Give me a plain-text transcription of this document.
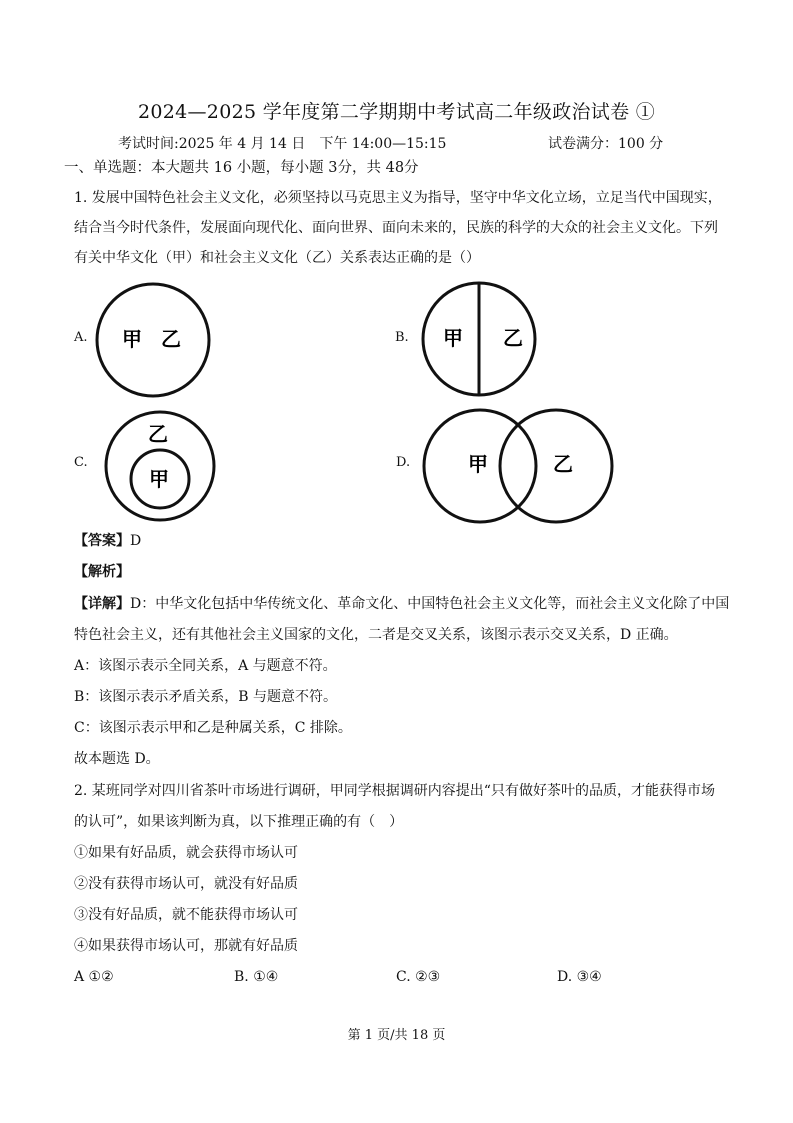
2024—2025 学年度第二学期期中考试高二年级政治试卷 ①
考试时间:2025 年 4 月 14 日　下午 14:00—15:15	试卷满分：100 分
一、单选题：本大题共 16 小题，每小题 3分，共 48分
1. 发展中国特色社会主义文化，必须坚持以马克思主义为指导，坚守中华文化立场，立足当代中国现实，
结合当今时代条件，发展面向现代化、面向世界、面向未来的，民族的科学的大众的社会主义文化。下列
有关中华文化（甲）和社会主义文化（乙）关系表达正确的是（）
A. 甲 乙	B. 甲 乙
C.
乙
甲
D.	甲	乙
【答案】D
【解析】
【详解】D：中华文化包括中华传统文化、革命文化、中国特色社会主义文化等，而社会主义文化除了中国
特色社会主义，还有其他社会主义国家的文化，二者是交叉关系，该图示表示交叉关系，D 正确。
A：该图示表示全同关系，A 与题意不符。
B：该图示表示矛盾关系，B 与题意不符。
C：该图示表示甲和乙是种属关系，C 排除。
故本题选 D。
2. 某班同学对四川省茶叶市场进行调研，甲同学根据调研内容提出“只有做好茶叶的品质，才能获得市场
的认可”，如果该判断为真，以下推理正确的有（　）
①如果有好品质，就会获得市场认可
②没有获得市场认可，就没有好品质
③没有好品质，就不能获得市场认可
④如果获得市场认可，那就有好品质
A ①②	B. ①④	C. ②③	D. ③④
第 1 页/共 18 页
